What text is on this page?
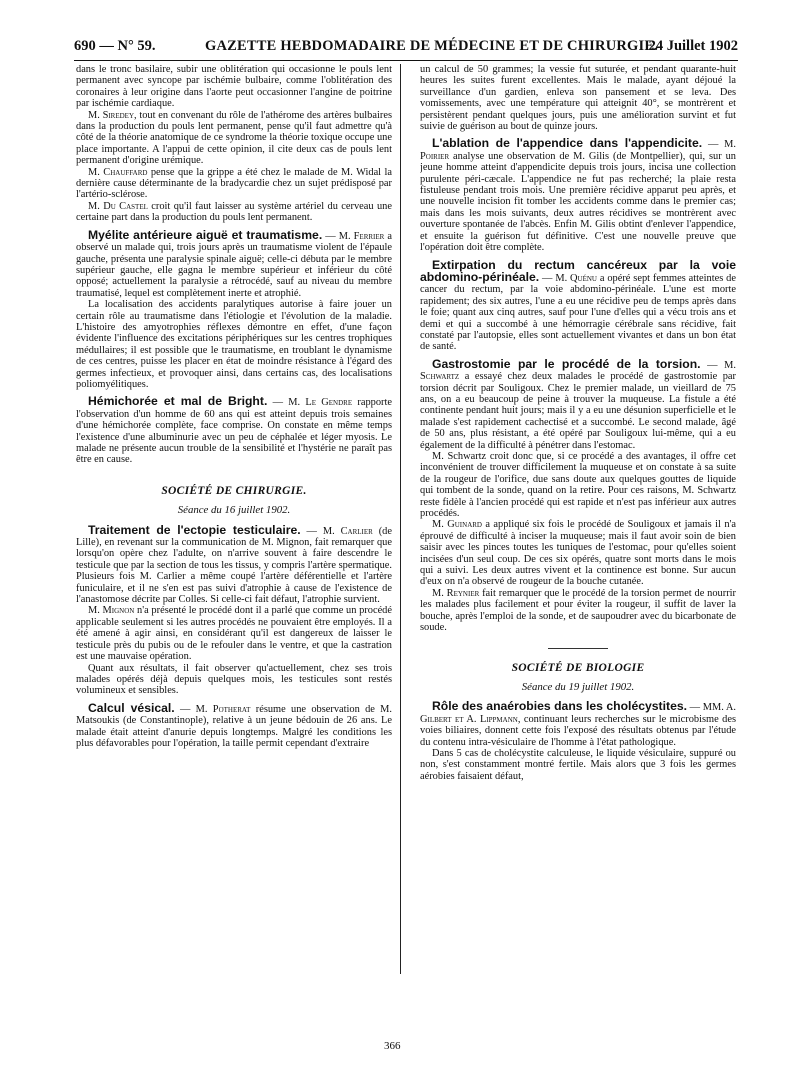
690 — N° 59.	GAZETTE HEBDOMADAIRE DE MÉDECINE ET DE CHIRURGIE.
24 Juillet 1902

dans le tronc basilaire, subir une oblitération qui occasionne le pouls lent permanent avec syncope par ischémie bulbaire, comme l'oblitération des coronaires à leur origine dans l'aorte peut occasionner l'angine de poitrine par ischémie cardiaque.

M. Siredey, tout en convenant du rôle de l'athérome des artères bulbaires dans la production du pouls lent permanent, pense qu'il faut admettre qu'à côté de la théorie anatomique de ce syndrome la théorie toxique occupe une place importante. A l'appui de cette opinion, il cite deux cas de pouls lent permanent d'origine urémique.

M. Chauffard pense que la grippe a été chez le malade de M. Widal la dernière cause déterminante de la bradycardie chez un sujet prédisposé par l'artério-sclérose.

M. Du Castel croit qu'il faut laisser au système artériel du cerveau une certaine part dans la production du pouls lent permanent.

Myélite antérieure aiguë et traumatisme. — M. Ferrier a observé un malade qui, trois jours après un traumatisme violent de l'épaule gauche, présenta une paralysie spinale aiguë; celle-ci débuta par le membre supérieur gauche, elle gagna le membre supérieur et inférieur du côté opposé; actuellement la paralysie a rétrocédé, sauf au niveau du membre traumatisé, lequel est complètement inerte et atrophié.

La localisation des accidents paralytiques autorise à faire jouer un certain rôle au traumatisme dans l'étiologie et l'évolution de la maladie. L'histoire des amyotrophies réflexes démontre en effet, d'une façon évidente l'influence des excitations périphériques sur les centres trophiques médullaires; il est possible que le traumatisme, en troublant le dynamisme de ces centres, puisse les placer en état de moindre résistance à l'égard des germes infectieux, et provoquer ainsi, dans certains cas, des localisations poliomyélitiques.

Hémichorée et mal de Bright. — M. Le Gendre rapporte l'observation d'un homme de 60 ans qui est atteint depuis trois semaines d'une hémichorée complète, face comprise. On constate en même temps l'existence d'une albuminurie avec un peu de céphalée et léger myosis. Le malade ne présente aucun trouble de la sensibilité et l'hystérie ne paraît pas être en cause.

SOCIÉTÉ DE CHIRURGIE.
Séance du 16 juillet 1902.

Traitement de l'ectopie testiculaire. — M. Carlier (de Lille), en revenant sur la communication de M. Mignon, fait remarquer que lorsqu'on opère chez l'adulte, on n'arrive souvent à faire descendre le testicule que par la section de tous les tissus, y compris l'artère spermatique. Plusieurs fois M. Carlier a même coupé l'artère déférentielle et l'artère funiculaire, et il ne s'en est pas suivi d'atrophie à cause de l'existence de l'anastomose décrite par Colles. Si celle-ci fait défaut, l'atrophie survient.

M. Mignon n'a présenté le procédé dont il a parlé que comme un procédé applicable seulement si les autres procédés ne pouvaient être employés. Il a été amené à agir ainsi, en considérant qu'il est dangereux de laisser le testicule près du pubis ou de le refouler dans le ventre, et que la castration est une mauvaise opération.

Quant aux résultats, il fait observer qu'actuellement, chez ses trois malades opérés déjà depuis quelques mois, les testicules sont restés volumineux et sensibles.

Calcul vésical. — M. Potherat résume une observation de M. Matsoukis (de Constantinople), relative à un jeune bédouin de 26 ans. Le malade était atteint d'anurie depuis longtemps. Malgré les conditions les plus défavorables pour l'opération, la taille permit cependant d'extraire

un calcul de 50 grammes; la vessie fut suturée, et pendant quarante-huit heures les suites furent excellentes. Mais le malade, ayant déjoué la surveillance d'un gardien, enleva son pansement et se leva. Des vomissements, avec une température qui atteignit 40°, se montrèrent et persistèrent pendant quelques jours, puis une amélioration survint et fut suivie de guérison au bout de quinze jours.

L'ablation de l'appendice dans l'appendicite. — M. Poirier analyse une observation de M. Gilis (de Montpellier), qui, sur un jeune homme atteint d'appendicite depuis trois jours, incisa une collection purulente péri-cæcale. L'appendice ne fut pas recherché; la plaie resta fistuleuse pendant trois mois. Une première récidive apparut peu après, et une nouvelle incision fit tomber les accidents comme dans le premier cas; mais dans les mois suivants, deux autres récidives se montrèrent avec ouverture spontanée de l'abcès. Enfin M. Gilis obtint d'enlever l'appendice, et ensuite la guérison fut définitive. C'est une nouvelle preuve que l'opération doit être complète.

Extirpation du rectum cancéreux par la voie abdomino-périnéale. — M. Quénu a opéré sept femmes atteintes de cancer du rectum, par la voie abdomino-périnéale. L'une est morte rapidement; des six autres, l'une a eu une récidive peu de temps après dans le foie; quant aux cinq autres, sauf pour l'une d'elles qui a vécu trois ans et demi et qui a succombé à une hémorragie cérébrale sans récidive, fait constaté par l'autopsie, elles sont actuellement vivantes et dans un bon état de santé.

Gastrostomie par le procédé de la torsion. — M. Schwartz a essayé chez deux malades le procédé de gastrostomie par torsion décrit par Souligoux. Chez le premier malade, un vieillard de 75 ans, on a eu beaucoup de peine à trouver la muqueuse. La fistule a été continente pendant huit jours; mais il y a eu une désunion superficielle et le malade s'est rapidement cachectisé et a succombé. Le second malade, âgé de 50 ans, plus résistant, a été opéré par Souligoux lui-même, qui a eu également de la difficulté à pénétrer dans l'estomac.

M. Schwartz croit donc que, si ce procédé a des avantages, il offre cet inconvénient de trouver difficilement la muqueuse et on constate à sa suite de la rougeur de l'orifice, due sans doute aux quelques gouttes de liquide qui tombent de la sonde, quand on la retire. Pour ces raisons, M. Schwartz reste fidèle à l'ancien procédé qui est rapide et n'est pas inférieur aux autres procédés.

M. Guinard a appliqué six fois le procédé de Souligoux et jamais il n'a éprouvé de difficulté à inciser la muqueuse; mais il faut avoir soin de bien saisir avec les pinces toutes les tuniques de l'estomac, pour qu'elles soient incisées d'un seul coup. De ces six opérés, quatre sont morts dans le mois qui a suivi. Les deux autres vivent et la continence est bonne. Sur aucun d'eux on n'a observé de rougeur de la bouche cutanée.

M. Reynier fait remarquer que le procédé de la torsion permet de nourrir les malades plus facilement et pour éviter la rougeur, il suffit de laver la bouche, après l'emploi de la sonde, et de saupoudrer avec du bicarbonate de soude.

SOCIÉTÉ DE BIOLOGIE
Séance du 19 juillet 1902.

Rôle des anaérobies dans les cholécystites. — MM. A. Gilbert et A. Lippmann, continuant leurs recherches sur le microbisme des voies biliaires, donnent cette fois l'exposé des résultats obtenus par l'étude du contenu intra-vésiculaire de l'homme à l'état pathologique.

Dans 5 cas de cholécystite calculeuse, le liquide vésiculaire, suppuré ou non, s'est constamment montré fertile. Mais alors que 3 fois les germes aérobies faisaient défaut,

366
